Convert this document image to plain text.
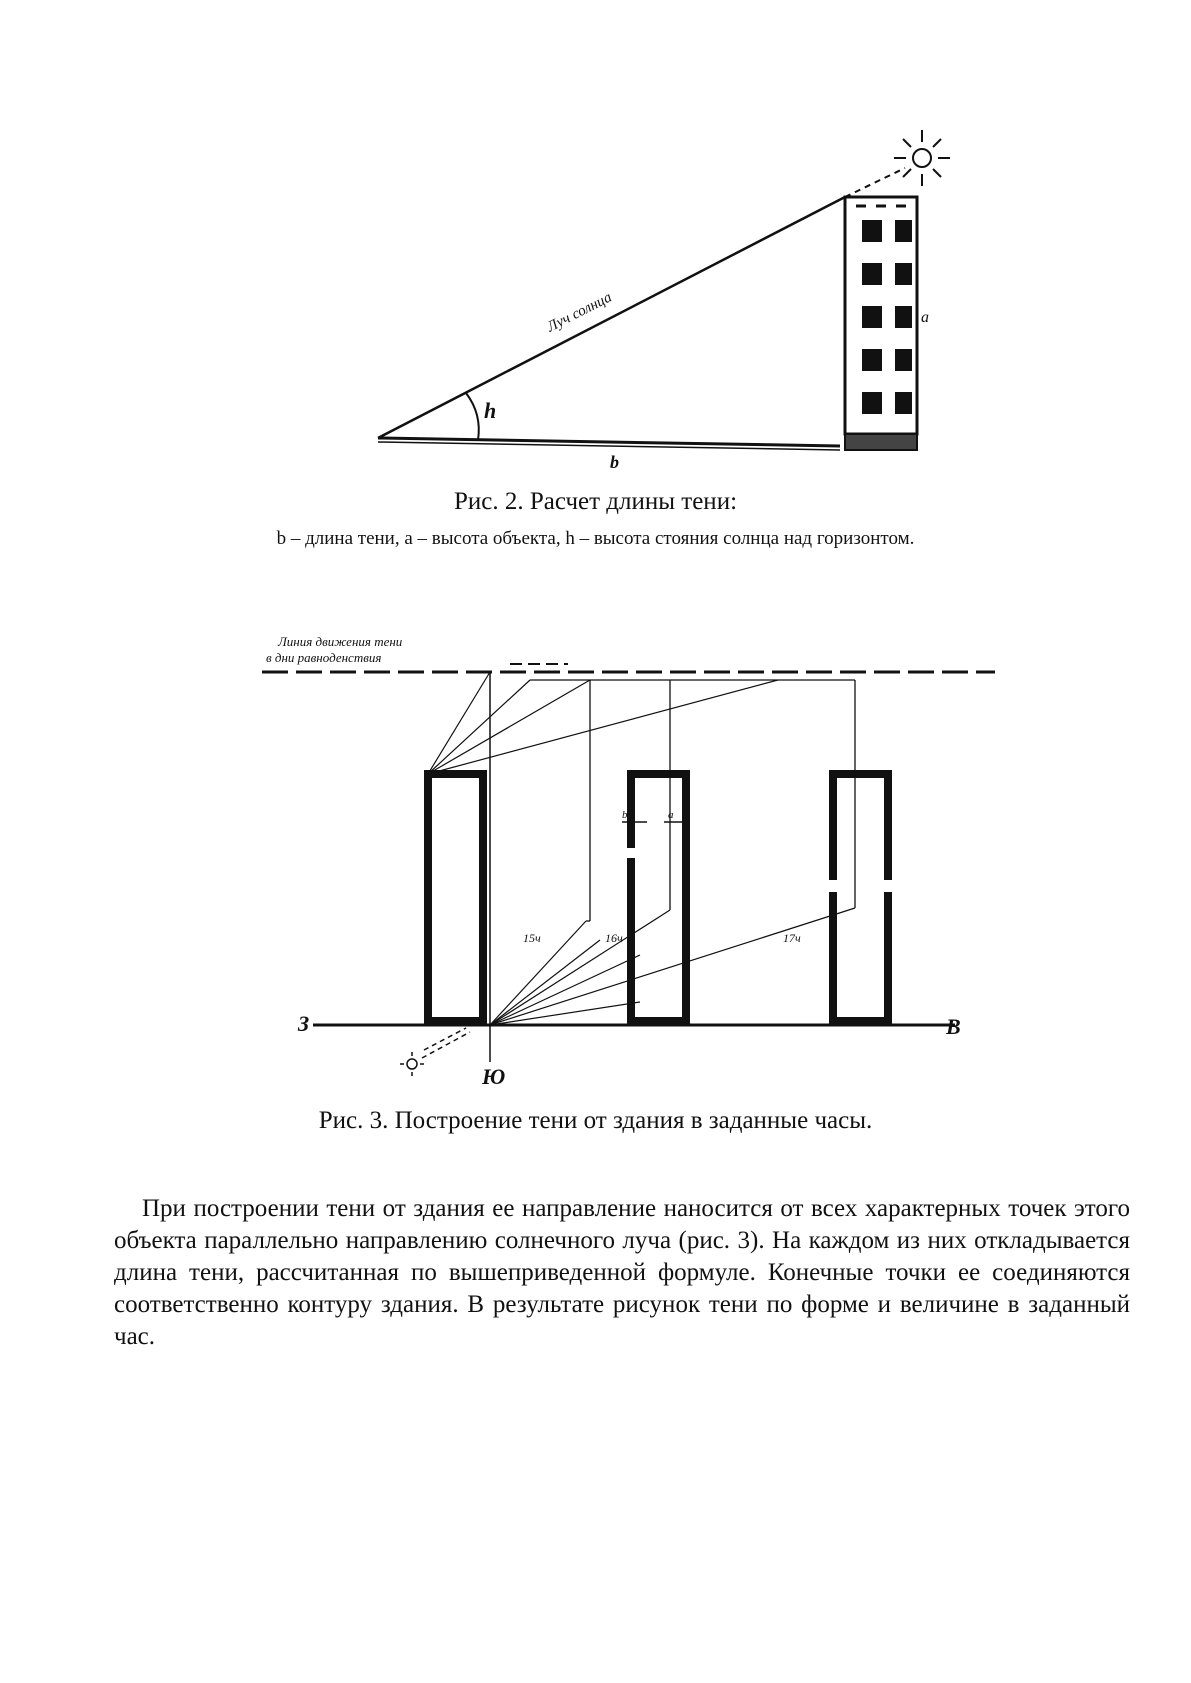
Луч солнца
h
a
b
Рис. 2. Расчет длины тени:
b – длина тени, a – высота объекта, h – высота стояния солнца над горизонтом.
Линия движения тени
в дни равноденствия
b	a
15ч	16ч	17ч
З	В
Ю
Рис. 3. Построение тени от здания в заданные часы.

При построении тени от здания ее направление наносится от всех характерных точек этого объекта параллельно направлению солнечного луча (рис. 3). На каждом из них откладывается длина тени, рассчитанная по вышеприведенной формуле. Конечные точки ее соединяются соответственно контуру здания. В результате рисунок тени по форме и величине в заданный час.
